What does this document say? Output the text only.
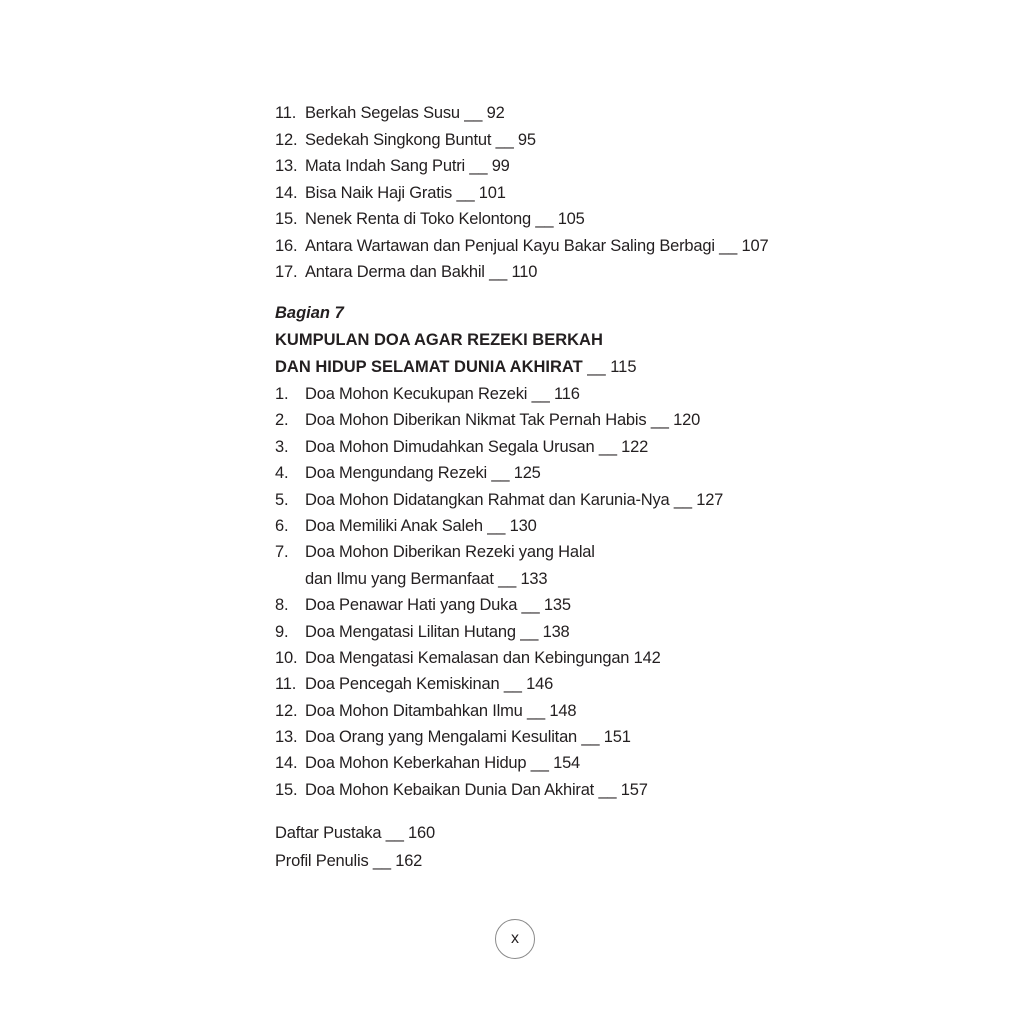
11. Berkah Segelas Susu __ 92
12. Sedekah Singkong Buntut __ 95
13. Mata Indah Sang Putri __ 99
14. Bisa Naik Haji Gratis __ 101
15. Nenek Renta di Toko Kelontong __ 105
16. Antara Wartawan dan Penjual Kayu Bakar Saling Berbagi __ 107
17. Antara Derma dan Bakhil __ 110
Bagian 7
KUMPULAN DOA AGAR REZEKI BERKAH
DAN HIDUP SELAMAT DUNIA AKHIRAT __ 115
1. Doa Mohon Kecukupan Rezeki __ 116
2. Doa Mohon Diberikan Nikmat Tak Pernah Habis __ 120
3. Doa Mohon Dimudahkan Segala Urusan __ 122
4. Doa Mengundang Rezeki __ 125
5. Doa Mohon Didatangkan Rahmat dan Karunia-Nya __ 127
6. Doa Memiliki Anak Saleh __ 130
7. Doa Mohon Diberikan Rezeki yang Halal
dan Ilmu yang Bermanfaat __ 133
8. Doa Penawar Hati yang Duka __ 135
9. Doa Mengatasi Lilitan Hutang __ 138
10. Doa Mengatasi Kemalasan dan Kebingungan 142
11. Doa Pencegah Kemiskinan __ 146
12. Doa Mohon Ditambahkan Ilmu __ 148
13. Doa Orang yang Mengalami Kesulitan __ 151
14. Doa Mohon Keberkahan Hidup __ 154
15. Doa Mohon Kebaikan Dunia Dan Akhirat __ 157
Daftar Pustaka __ 160
Profil Penulis __ 162
x
